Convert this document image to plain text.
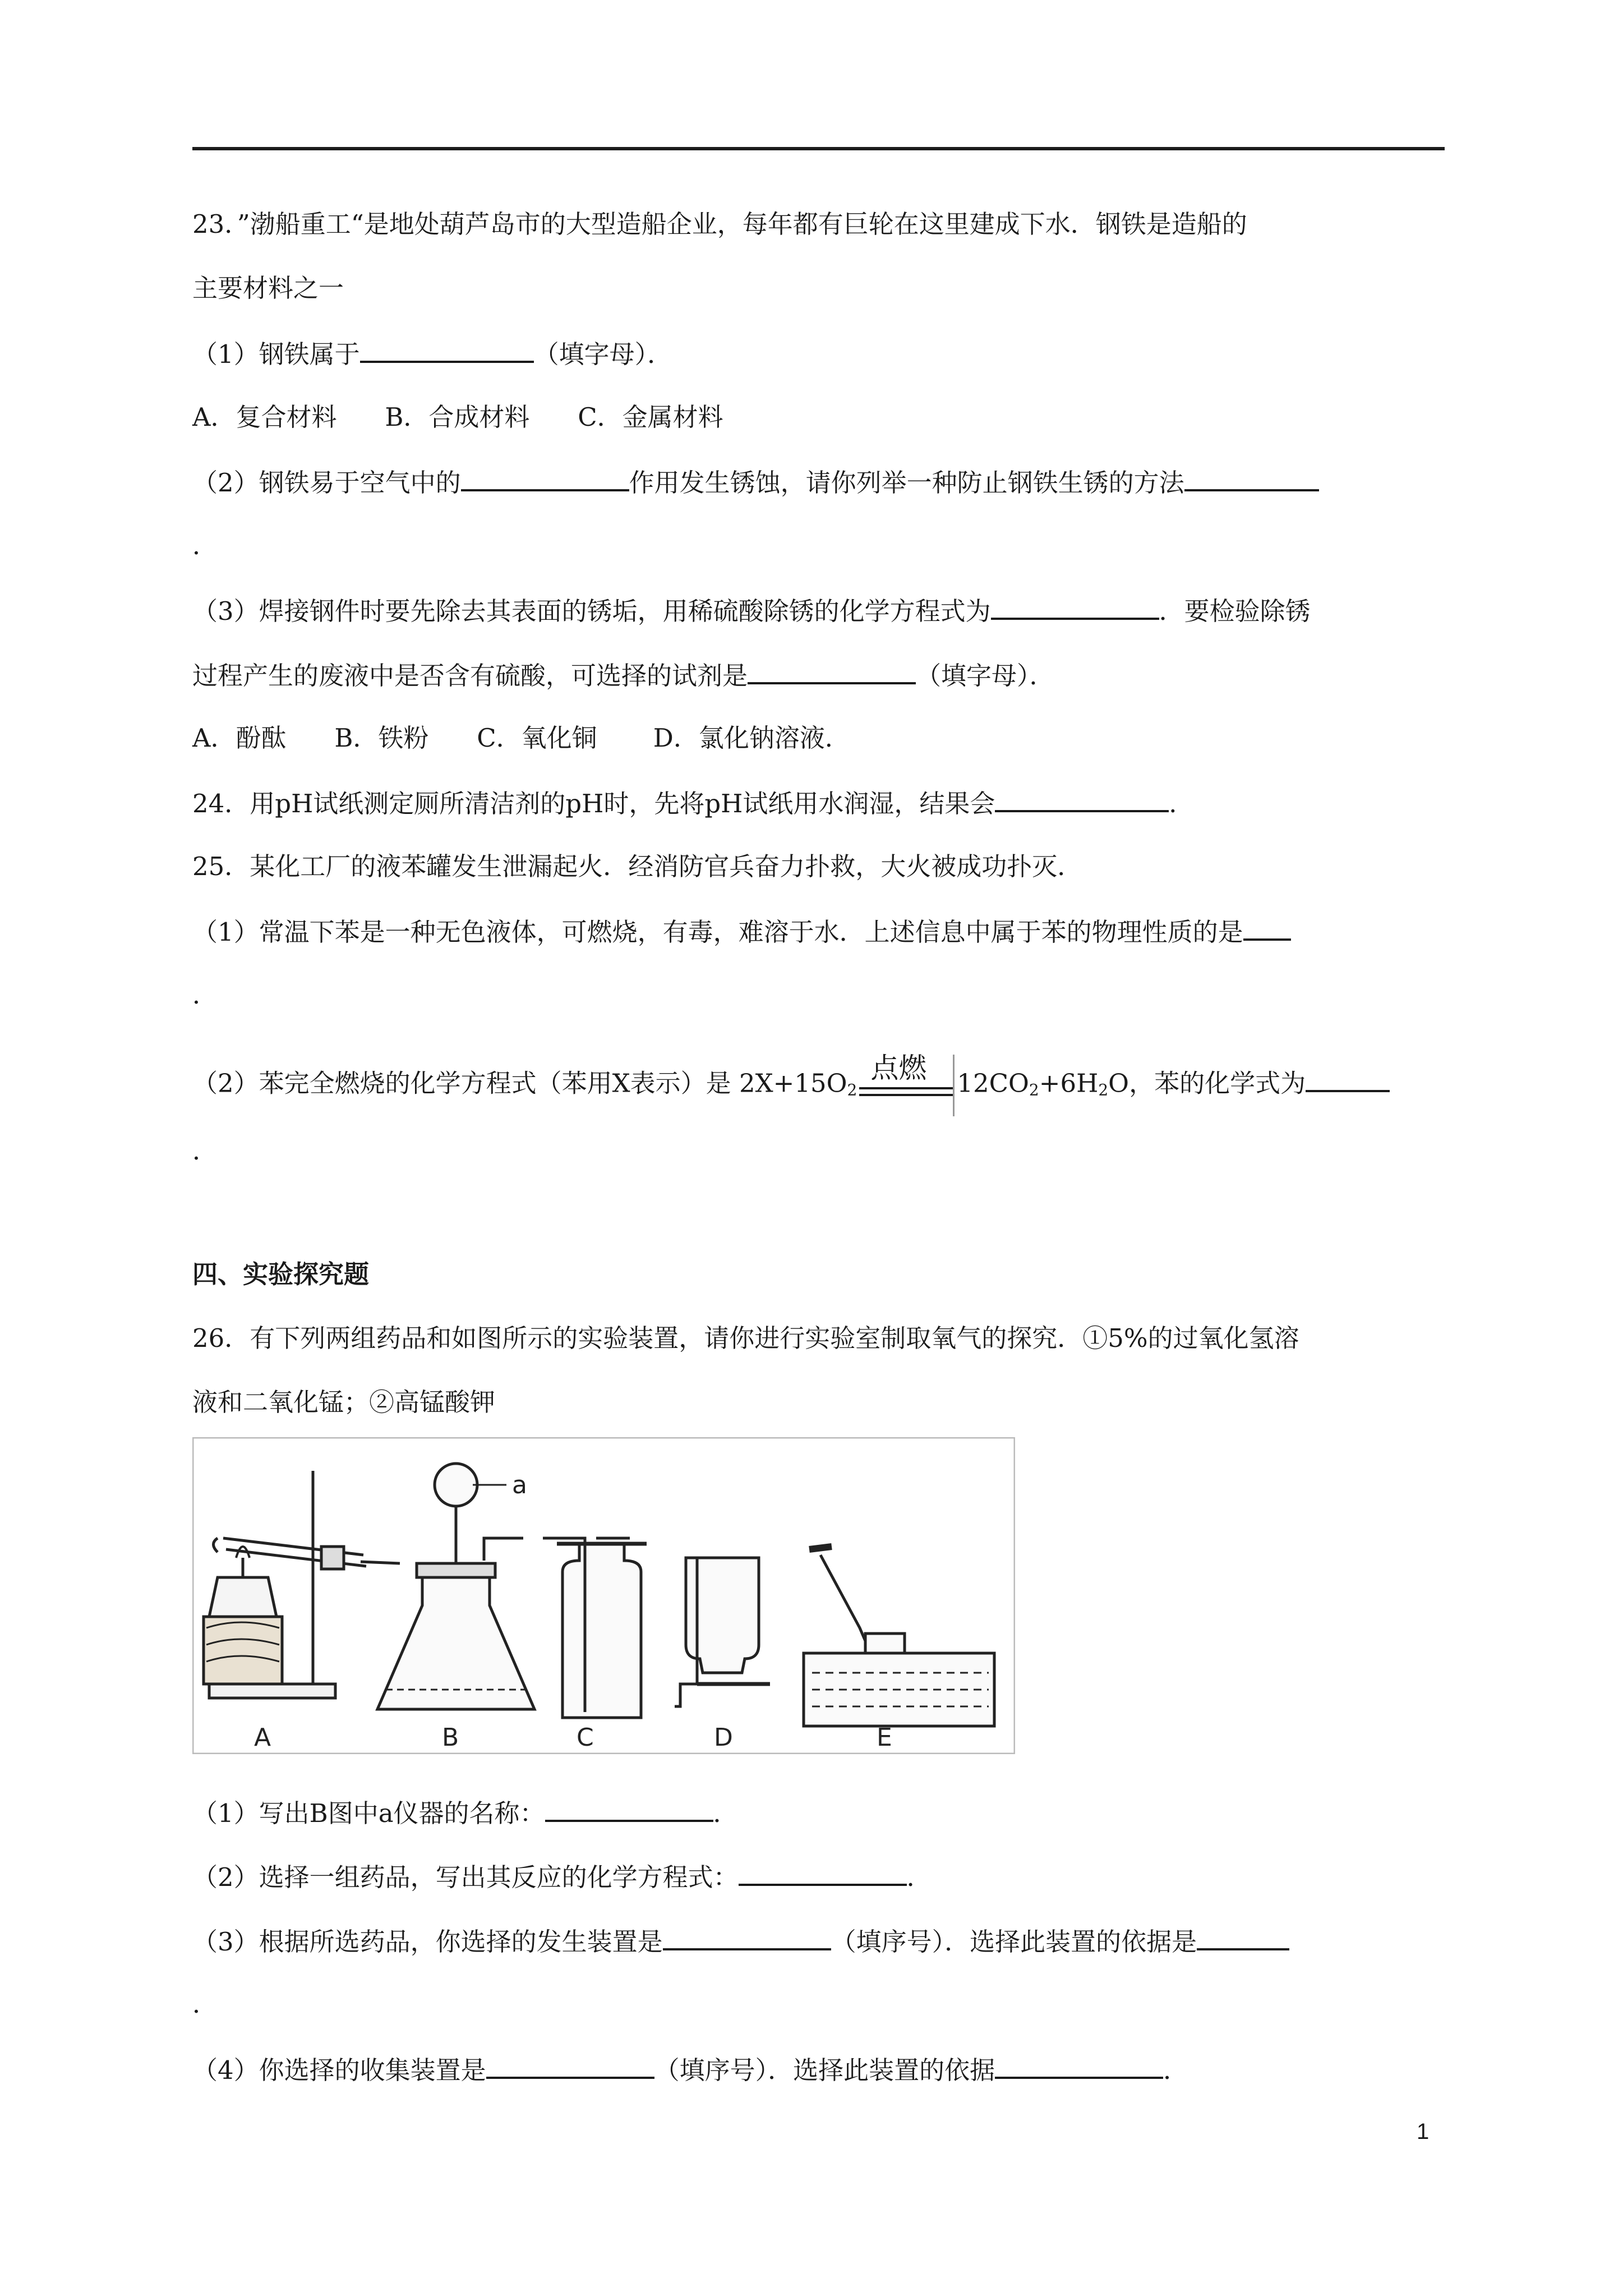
23．”渤船重工“是地处葫芦岛市的大型造船企业，每年都有巨轮在这里建成下水．钢铁是造船的
主要材料之一
（1）钢铁属于	（填字母）．
A．复合材料      B．合成材料      C．金属材料
（2）钢铁易于空气中的	作用发生锈蚀，请你列举一种防止钢铁生锈的方法
．
（3）焊接钢件时要先除去其表面的锈垢，用稀硫酸除锈的化学方程式为	．要检验除锈
过程产生的废液中是否含有硫酸，可选择的试剂是	（填字母）．
A．酚酞      B．铁粉      C．氧化铜       D．氯化钠溶液．
24．用pH试纸测定厕所清洁剂的pH时，先将pH试纸用水润湿，结果会	．
25．某化工厂的液苯罐发生泄漏起火．经消防官兵奋力扑救，大火被成功扑灭．
（1）常温下苯是一种无色液体，可燃烧，有毒，难溶于水．上述信息中属于苯的物理性质的是
．
（2）苯完全燃烧的化学方程式（苯用X表示）是 $2X+15O_2$
点燃 $12CO_2+6H_2O$，苯的化学式为
．
四、实验探究题
26．有下列两组药品和如图所示的实验装置，请你进行实验室制取氧气的探究．①5%的过氧化氢溶
液和二氧化锰；②高锰酸钾
A	B	C	D	E
a
（1）写出B图中a仪器的名称：	．
（2）选择一组药品，写出其反应的化学方程式：	．
（3）根据所选药品，你选择的发生装置是	（填序号）．选择此装置的依据是
．
（4）你选择的收集装置是	（填序号）．选择此装置的依据	．
1
